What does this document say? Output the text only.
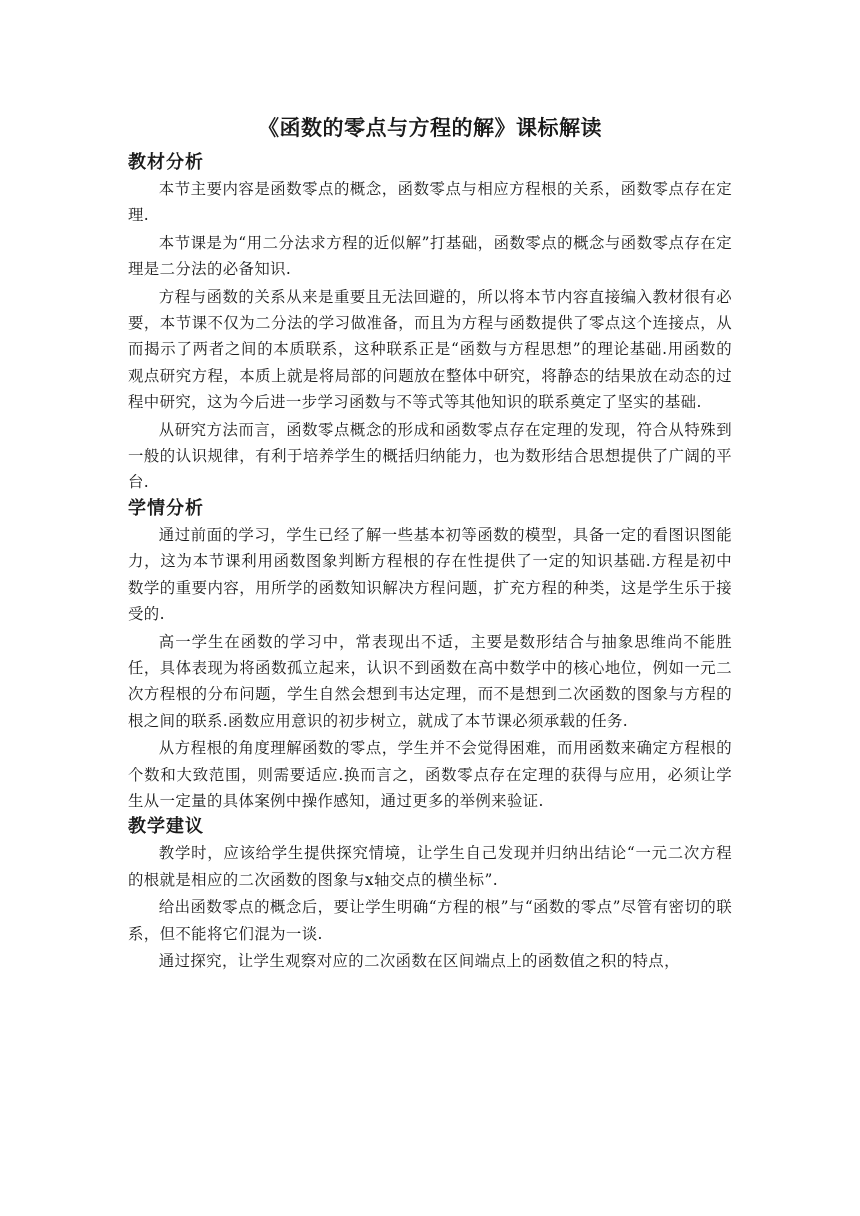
《函数的零点与方程的解》课标解读
教材分析

本节主要内容是函数零点的概念，函数零点与相应方程根的关系，函数零点存在定理.

本节课是为“用二分法求方程的近似解”打基础，函数零点的概念与函数零点存在定理是二分法的必备知识.

方程与函数的关系从来是重要且无法回避的，所以将本节内容直接编入教材很有必要，本节课不仅为二分法的学习做准备，而且为方程与函数提供了零点这个连接点，从而揭示了两者之间的本质联系，这种联系正是“函数与方程思想”的理论基础.用函数的观点研究方程，本质上就是将局部的问题放在整体中研究，将静态的结果放在动态的过程中研究，这为今后进一步学习函数与不等式等其他知识的联系奠定了坚实的基础.

从研究方法而言，函数零点概念的形成和函数零点存在定理的发现，符合从特殊到一般的认识规律，有利于培养学生的概括归纳能力，也为数形结合思想提供了广阔的平台.

学情分析

通过前面的学习，学生已经了解一些基本初等函数的模型，具备一定的看图识图能力，这为本节课利用函数图象判断方程根的存在性提供了一定的知识基础.方程是初中数学的重要内容，用所学的函数知识解决方程问题，扩充方程的种类，这是学生乐于接受的.

高一学生在函数的学习中，常表现出不适，主要是数形结合与抽象思维尚不能胜任，具体表现为将函数孤立起来，认识不到函数在高中数学中的核心地位，例如一元二次方程根的分布问题，学生自然会想到韦达定理，而不是想到二次函数的图象与方程的根之间的联系.函数应用意识的初步树立，就成了本节课必须承载的任务.

从方程根的角度理解函数的零点，学生并不会觉得困难，而用函数来确定方程根的个数和大致范围，则需要适应.换而言之，函数零点存在定理的获得与应用，必须让学生从一定量的具体案例中操作感知，通过更多的举例来验证.

教学建议

教学时，应该给学生提供探究情境，让学生自己发现并归纳出结论“一元二次方程的根就是相应的二次函数的图象与x轴交点的横坐标”.

给出函数零点的概念后，要让学生明确“方程的根”与“函数的零点”尽管有密切的联系，但不能将它们混为一谈.

通过探究，让学生观察对应的二次函数在区间端点上的函数值之积的特点，
